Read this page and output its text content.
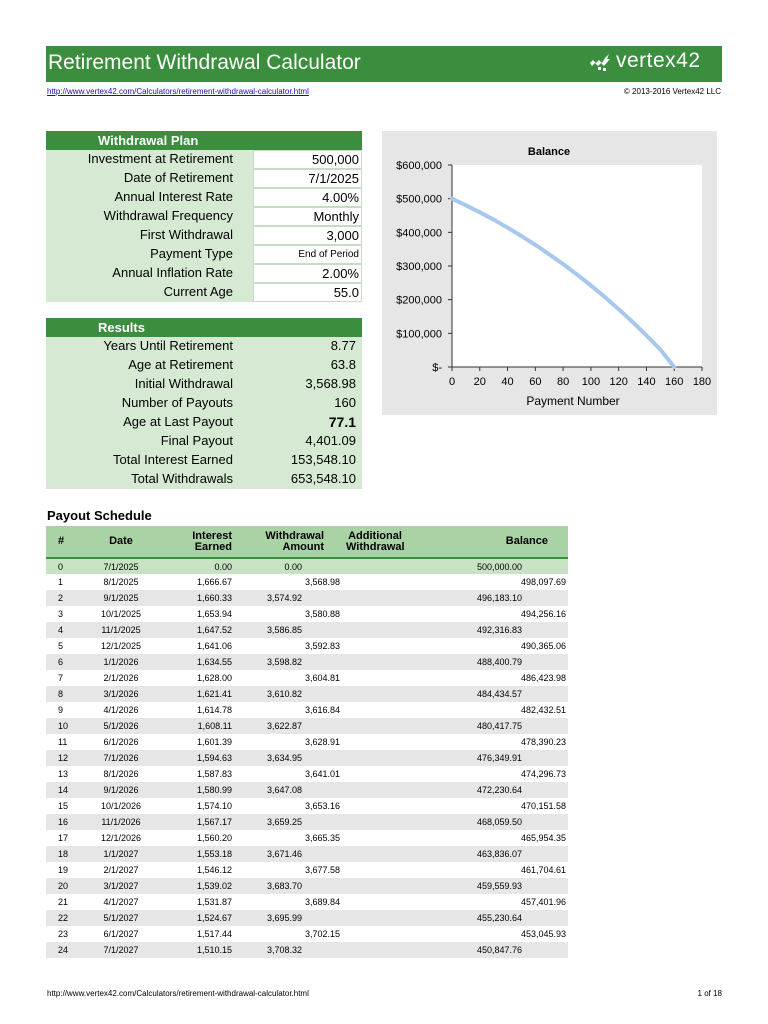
Retirement Withdrawal Calculator	vertex42
http://www.vertex42.com/Calculators/retirement-withdrawal-calculator.html	© 2013-2016 Vertex42 LLC
Withdrawal Plan
Investment at Retirement	500,000
Date of Retirement	7/1/2025
Annual Interest Rate	4.00%
Withdrawal Frequency	Monthly
First Withdrawal	3,000
Payment Type	End of Period
Annual Inflation Rate	2.00%
Current Age	55.0
Results
Years Until Retirement	8.77
Age at Retirement	63.8
Initial Withdrawal	3,568.98
Number of Payouts	160
Age at Last Payout	77.1
Final Payout	4,401.09
Total Interest Earned	153,548.10
Total Withdrawals	653,548.10
Balance
Payment Number
$-
$100,000
$200,000
$300,000
$400,000
$500,000
$600,000
0 20 40 60 80 100 120 140 160 180
Payout Schedule
#	Date	Interest Earned	Withdrawal Amount	Additional Withdrawal	Balance
0	7/1/2025	0.00	0.00		500,000.00
1	8/1/2025	1,666.67	3,568.98		498,097.69
2	9/1/2025	1,660.33	3,574.92		496,183.10
3	10/1/2025	1,653.94	3,580.88		494,256.16
4	11/1/2025	1,647.52	3,586.85		492,316.83
5	12/1/2025	1,641.06	3,592.83		490,365.06
6	1/1/2026	1,634.55	3,598.82		488,400.79
7	2/1/2026	1,628.00	3,604.81		486,423.98
8	3/1/2026	1,621.41	3,610.82		484,434.57
9	4/1/2026	1,614.78	3,616.84		482,432.51
10	5/1/2026	1,608.11	3,622.87		480,417.75
11	6/1/2026	1,601.39	3,628.91		478,390.23
12	7/1/2026	1,594.63	3,634.95		476,349.91
13	8/1/2026	1,587.83	3,641.01		474,296.73
14	9/1/2026	1,580.99	3,647.08		472,230.64
15	10/1/2026	1,574.10	3,653.16		470,151.58
16	11/1/2026	1,567.17	3,659.25		468,059.50
17	12/1/2026	1,560.20	3,665.35		465,954.35
18	1/1/2027	1,553.18	3,671.46		463,836.07
19	2/1/2027	1,546.12	3,677.58		461,704.61
20	3/1/2027	1,539.02	3,683.70		459,559.93
21	4/1/2027	1,531.87	3,689.84		457,401.96
22	5/1/2027	1,524.67	3,695.99		455,230.64
23	6/1/2027	1,517.44	3,702.15		453,045.93
24	7/1/2027	1,510.15	3,708.32		450,847.76
http://www.vertex42.com/Calculators/retirement-withdrawal-calculator.html	1 of 18
